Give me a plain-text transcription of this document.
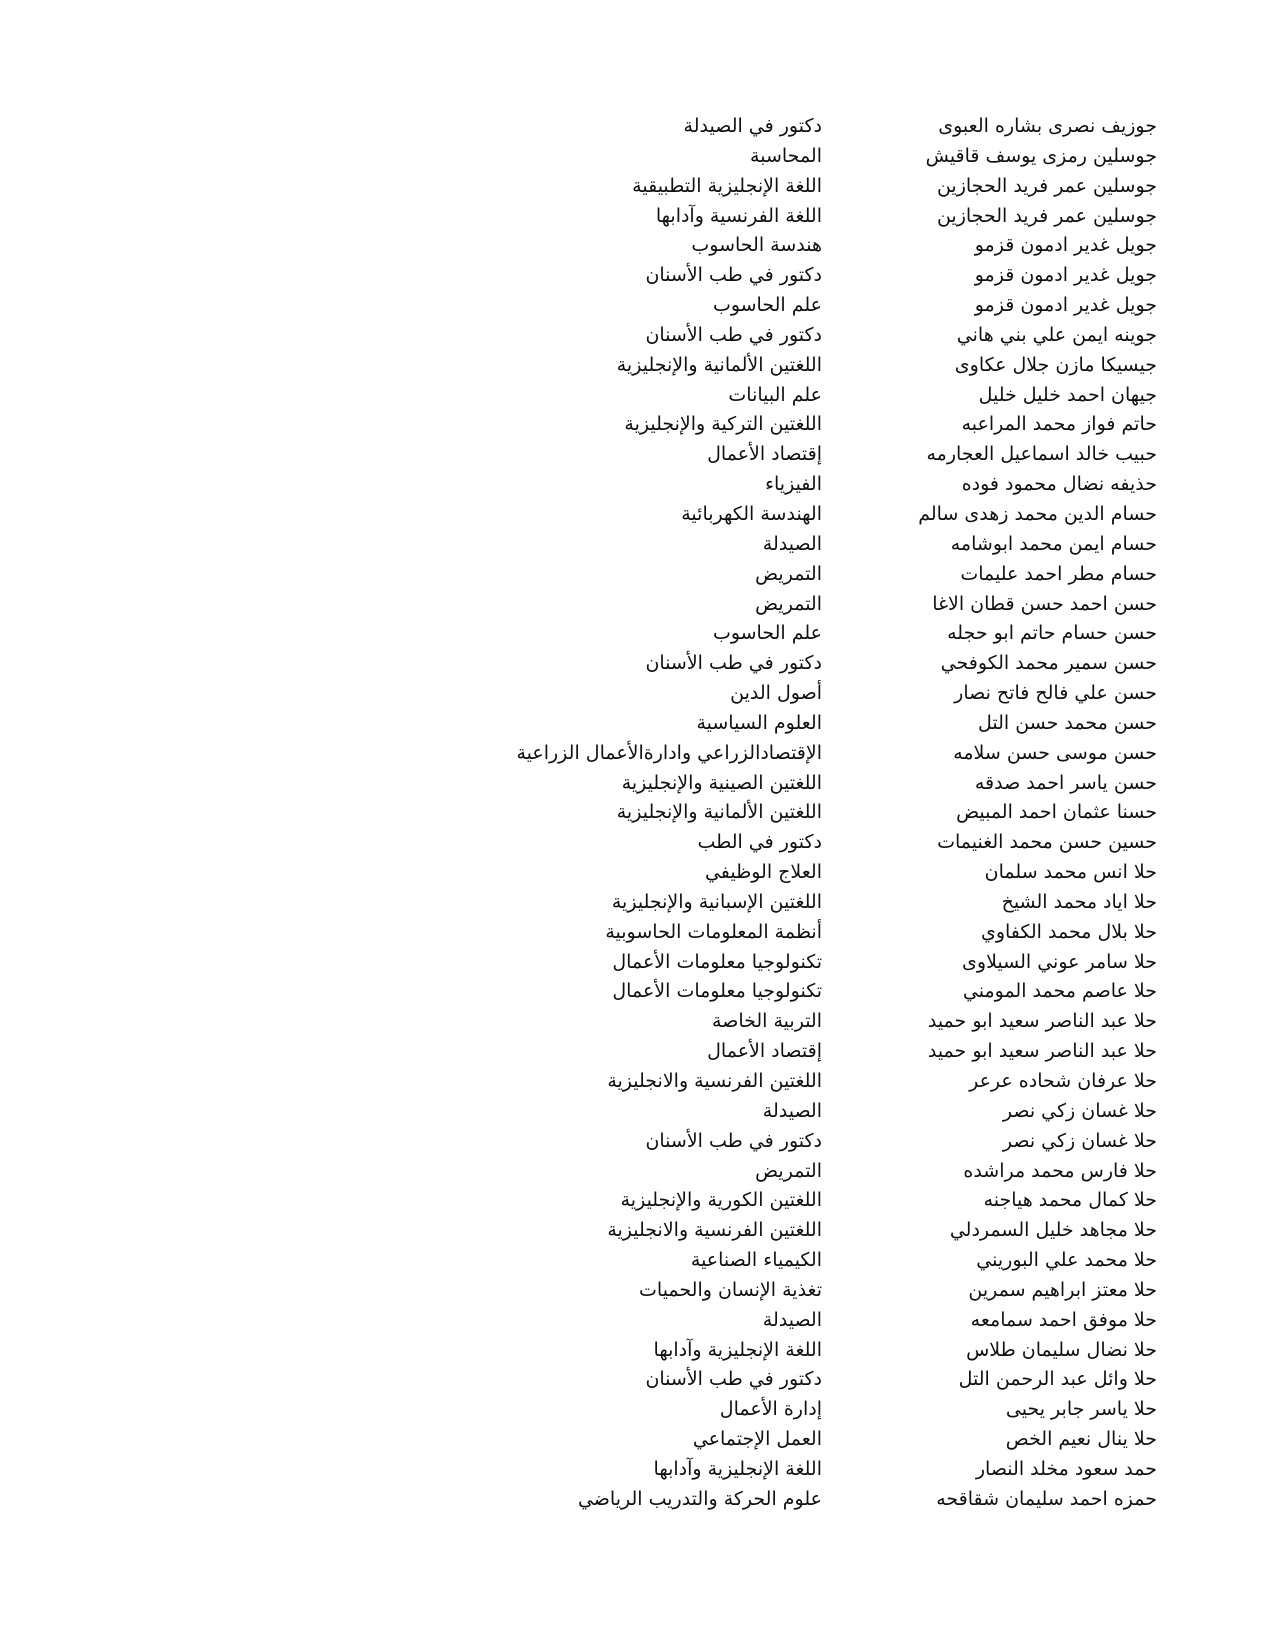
جوزيف نصرى بشاره العبوى
دكتور في الصيدلة
جوسلين رمزى يوسف قاقيش
المحاسبة
جوسلين عمر فريد الحجازين
اللغة الإنجليزية التطبيقية
جوسلين عمر فريد الحجازين
اللغة الفرنسية وآدابها
جويل غدير ادمون قزمو
هندسة الحاسوب
جويل غدير ادمون قزمو
دكتور في طب الأسنان
جويل غدير ادمون قزمو
علم الحاسوب
جوينه ايمن علي بني هاني
دكتور في طب الأسنان
جيسيكا مازن جلال عكاوى
اللغتين الألمانية والإنجليزية
جيهان احمد خليل خليل
علم البيانات
حاتم فواز محمد المراعبه
اللغتين التركية والإنجليزية
حبيب خالد اسماعيل العجارمه
إقتصاد الأعمال
حذيفه نضال محمود فوده
الفيزياء
حسام الدين محمد زهدى سالم
الهندسة الكهربائية
حسام ايمن محمد ابوشامه
الصيدلة
حسام مطر احمد عليمات
التمريض
حسن احمد حسن قطان الاغا
التمريض
حسن حسام حاتم ابو حجله
علم الحاسوب
حسن سمير محمد الكوفحي
دكتور في طب الأسنان
حسن علي فالح فاتح نصار
أصول الدين
حسن محمد حسن التل
العلوم السياسية
حسن موسى حسن سلامه
الإقتصادالزراعي وادارةالأعمال الزراعية
حسن ياسر احمد صدقه
اللغتين الصينية والإنجليزية
حسنا عثمان احمد المبيض
اللغتين الألمانية والإنجليزية
حسين حسن محمد الغنيمات
دكتور في الطب
حلا انس محمد سلمان
العلاج الوظيفي
حلا اياد محمد الشيخ
اللغتين الإسبانية والإنجليزية
حلا بلال محمد الكفاوي
أنظمة المعلومات الحاسوبية
حلا سامر عوني السيلاوى
تكنولوجيا معلومات الأعمال
حلا عاصم محمد المومني
تكنولوجيا معلومات الأعمال
حلا عبد الناصر سعيد ابو حميد
التربية الخاصة
حلا عبد الناصر سعيد ابو حميد
إقتصاد الأعمال
حلا عرفان شحاده عرعر
اللغتين الفرنسية والانجليزية
حلا غسان زكي نصر
الصيدلة
حلا غسان زكي نصر
دكتور في طب الأسنان
حلا فارس محمد مراشده
التمريض
حلا كمال محمد هياجنه
اللغتين الكورية والإنجليزية
حلا مجاهد خليل السمردلي
اللغتين الفرنسية والانجليزية
حلا محمد علي البوريني
الكيمياء الصناعية
حلا معتز ابراهيم سمرين
تغذية الإنسان والحميات
حلا موفق احمد سمامعه
الصيدلة
حلا نضال سليمان طلاس
اللغة الإنجليزية وآدابها
حلا وائل عبد الرحمن التل
دكتور في طب الأسنان
حلا ياسر جابر يحيى
إدارة الأعمال
حلا ينال نعيم الخص
العمل الإجتماعي
حمد سعود مخلد النصار
اللغة الإنجليزية وآدابها
حمزه احمد سليمان شقاقحه
علوم الحركة والتدريب الرياضي
